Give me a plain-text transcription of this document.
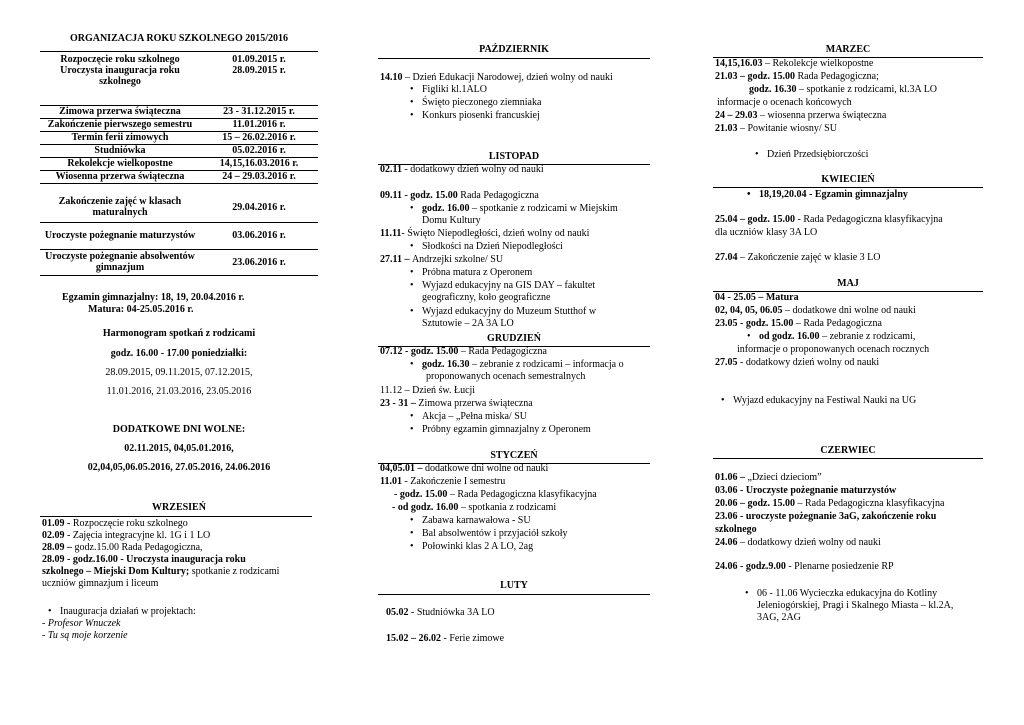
ORGANIZACJA ROKU SZKOLNEGO 2015/2016
Rozpoczęcie roku szkolnego	01.09.2015 r.
Uroczysta inauguracja roku szkolnego	28.09.2015 r.

Zimowa przerwa świąteczna	23 - 31.12.2015 r.
Zakończenie pierwszego semestru	11.01.2016 r.
Termin ferii zimowych	15 – 26.02.2016 r.
Studniówka	05.02.2016 r.
Rekolekcje wielkopostne	14,15,16.03.2016 r.
Wiosenna przerwa świąteczna	24 – 29.03.2016 r.

Zakończenie zajęć w klasach maturalnych	29.04.2016 r.
Uroczyste pożegnanie maturzystów	03.06.2016 r.
Uroczyste pożegnanie absolwentów gimnazjum	23.06.2016 r.
Egzamin gimnazjalny: 18, 19, 20.04.2016 r.
Matura: 04-25.05.2016 r.
Harmonogram spotkań z rodzicami
godz. 16.00 - 17.00 poniedziałki:
28.09.2015, 09.11.2015, 07.12.2015,
11.01.2016, 21.03.2016, 23.05.2016
DODATKOWE DNI WOLNE:
02.11.2015, 04,05.01.2016,
02,04,05,06.05.2016, 27.05.2016, 24.06.2016
WRZESIEŃ
01.09 - Rozpoczęcie roku szkolnego
02.09 - Zajęcia integracyjne kl. 1G i 1 LO
28.09 – godz.15.00 Rada Pedagogiczna,
28.09 - godz.16.00 - Uroczysta inauguracja roku
szkolnego – Miejski Dom Kultury; spotkanie z rodzicami
uczniów gimnazjum i liceum
• Inauguracja działań w projektach:
- Profesor Wnuczek
- Tu są moje korzenie
PAŹDZIERNIK
14.10 – Dzień Edukacji Narodowej, dzień wolny od nauki
• Figliki kl.1ALO
• Święto pieczonego ziemniaka
• Konkurs piosenki francuskiej
LISTOPAD
02.11 - dodatkowy dzień wolny od nauki
09.11 - godz. 15.00 Rada Pedagogiczna
• godz. 16.00 – spotkanie z rodzicami w Miejskim
Domu Kultury
11.11- Święto Niepodległości, dzień wolny od nauki
• Słodkości na Dzień Niepodległości
27.11 – Andrzejki szkolne/ SU
• Próbna matura z Operonem
• Wyjazd edukacyjny na GIS DAY – fakultet
geograficzny, koło geograficzne
• Wyjazd edukacyjny do Muzeum Stutthof w
Sztutowie – 2A 3A LO
GRUDZIEŃ
07.12 - godz. 15.00 – Rada Pedagogiczna
• godz. 16.30 – zebranie z rodzicami – informacja o
proponowanych ocenach semestralnych
11.12 – Dzień św. Łucji
23 - 31 – Zimowa przerwa świąteczna
• Akcja – „Pełna miska/ SU
• Próbny egzamin gimnazjalny z Operonem
STYCZEŃ
04,05.01 – dodatkowe dni wolne od nauki
11.01 - Zakończenie I semestru
- godz. 15.00 – Rada Pedagogiczna klasyfikacyjna
- od godz. 16.00 – spotkania z rodzicami
• Zabawa karnawałowa - SU
• Bal absolwentów i przyjaciół szkoły
• Połowinki klas 2 A LO, 2ag
LUTY
05.02 - Studniówka 3A LO
15.02 – 26.02 - Ferie zimowe
MARZEC
14,15,16.03 – Rekolekcje wielkopostne
21.03 – godz. 15.00 Rada Pedagogiczna;
godz. 16.30 – spotkanie z rodzicami, kl.3A LO
informacje o ocenach końcowych
24 – 29.03 – wiosenna przerwa świąteczna
21.03 – Powitanie wiosny/ SU
• Dzień Przedsiębiorczości
KWIECIEŃ
• 18,19,20.04 - Egzamin gimnazjalny
25.04 – godz. 15.00 - Rada Pedagogiczna klasyfikacyjna
dla uczniów klasy 3A LO
27.04 – Zakończenie zajęć w klasie 3 LO
MAJ
04 - 25.05 – Matura
02, 04, 05, 06.05 – dodatkowe dni wolne od nauki
23.05 - godz. 15.00 – Rada Pedagogiczna
• od godz. 16.00 – zebranie z rodzicami,
informacje o proponowanych ocenach rocznych
27.05 - dodatkowy dzień wolny od nauki
• Wyjazd edukacyjny na Festiwal Nauki na UG
CZERWIEC
01.06 – „Dzieci dzieciom”
03.06 - Uroczyste pożegnanie maturzystów
20.06 – godz. 15.00 – Rada Pedagogiczna klasyfikacyjna
23.06 - uroczyste pożegnanie 3aG, zakończenie roku
szkolnego
24.06 – dodatkowy dzień wolny od nauki
24.06 - godz.9.00 - Plenarne posiedzenie RP
• 06 - 11.06 Wycieczka edukacyjna do Kotliny
Jeleniogórskiej, Pragi i Skalnego Miasta – kl.2A,
3AG, 2AG
